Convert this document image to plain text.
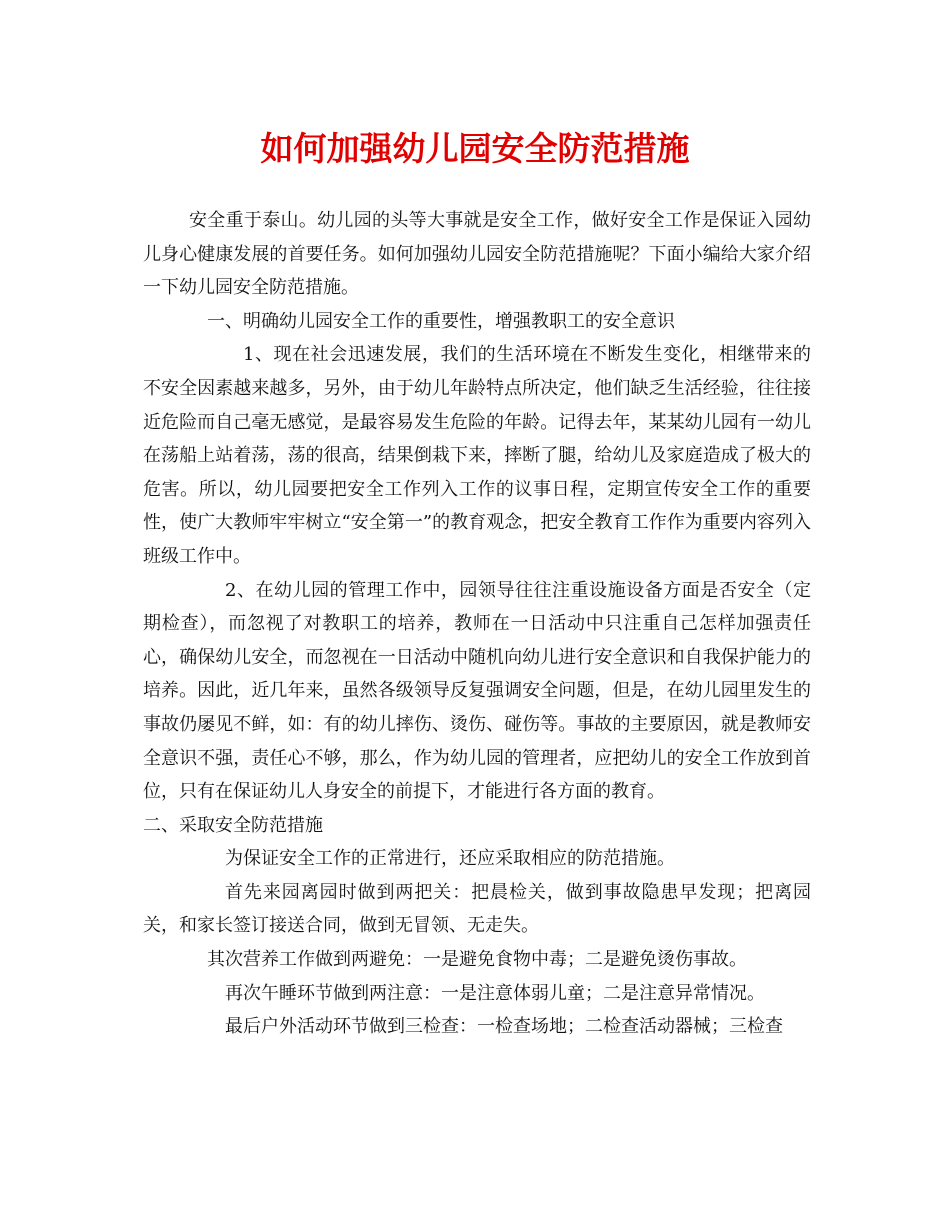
如何加强幼儿园安全防范措施

安全重于泰山。幼儿园的头等大事就是安全工作，做好安全工作是保证入园幼儿身心健康发展的首要任务。如何加强幼儿园安全防范措施呢？下面小编给大家介绍一下幼儿园安全防范措施。

一、明确幼儿园安全工作的重要性，增强教职工的安全意识

1、现在社会迅速发展，我们的生活环境在不断发生变化，相继带来的不安全因素越来越多，另外，由于幼儿年龄特点所决定，他们缺乏生活经验，往往接近危险而自己毫无感觉，是最容易发生危险的年龄。记得去年，某某幼儿园有一幼儿在荡船上站着荡，荡的很高，结果倒栽下来，摔断了腿，给幼儿及家庭造成了极大的危害。所以，幼儿园要把安全工作列入工作的议事日程，定期宣传安全工作的重要性，使广大教师牢牢树立“安全第一”的教育观念，把安全教育工作作为重要内容列入班级工作中。

2、在幼儿园的管理工作中，园领导往往注重设施设备方面是否安全（定期检查），而忽视了对教职工的培养，教师在一日活动中只注重自己怎样加强责任心，确保幼儿安全，而忽视在一日活动中随机向幼儿进行安全意识和自我保护能力的培养。因此，近几年来，虽然各级领导反复强调安全问题，但是，在幼儿园里发生的事故仍屡见不鲜，如：有的幼儿摔伤、烫伤、碰伤等。事故的主要原因，就是教师安全意识不强，责任心不够，那么，作为幼儿园的管理者，应把幼儿的安全工作放到首位，只有在保证幼儿人身安全的前提下，才能进行各方面的教育。

二、采取安全防范措施

为保证安全工作的正常进行，还应采取相应的防范措施。

首先来园离园时做到两把关：把晨检关，做到事故隐患早发现；把离园关，和家长签订接送合同，做到无冒领、无走失。

其次营养工作做到两避免：一是避免食物中毒；二是避免烫伤事故。

再次午睡环节做到两注意：一是注意体弱儿童；二是注意异常情况。

最后户外活动环节做到三检查：一检查场地；二检查活动器械；三检查
